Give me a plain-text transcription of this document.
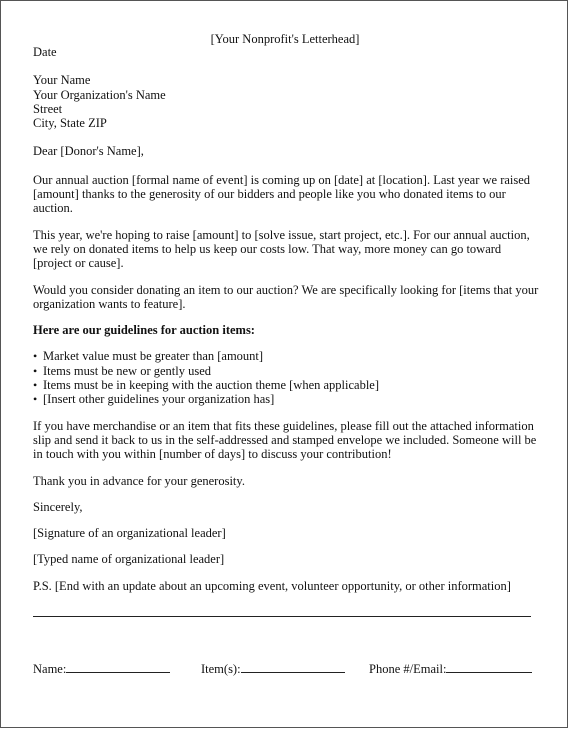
[Your Nonprofit's Letterhead]

Date

Your Name

Your Organization's Name

Street

City, State ZIP

Dear [Donor's Name],

Our annual auction [formal name of event] is coming up on [date] at [location]. Last year we raised [amount] thanks to the generosity of our bidders and people like you who donated items to our auction.

This year, we're hoping to raise [amount] to [solve issue, start project, etc.]. For our annual auction, we rely on donated items to help us keep our costs low. That way, more money can go toward [project or cause].

Would you consider donating an item to our auction? We are specifically looking for [items that your organization wants to feature].

Here are our guidelines for auction items:

• Market value must be greater than [amount]
• Items must be new or gently used
• Items must be in keeping with the auction theme [when applicable]
• [Insert other guidelines your organization has]

If you have merchandise or an item that fits these guidelines, please fill out the attached information slip and send it back to us in the self-addressed and stamped envelope we included. Someone will be in touch with you within [number of days] to discuss your contribution!

Thank you in advance for your generosity.

Sincerely,

[Signature of an organizational leader]

[Typed name of organizational leader]

P.S. [End with an update about an upcoming event, volunteer opportunity, or other information]

Name:	Item(s):	Phone #/Email:
